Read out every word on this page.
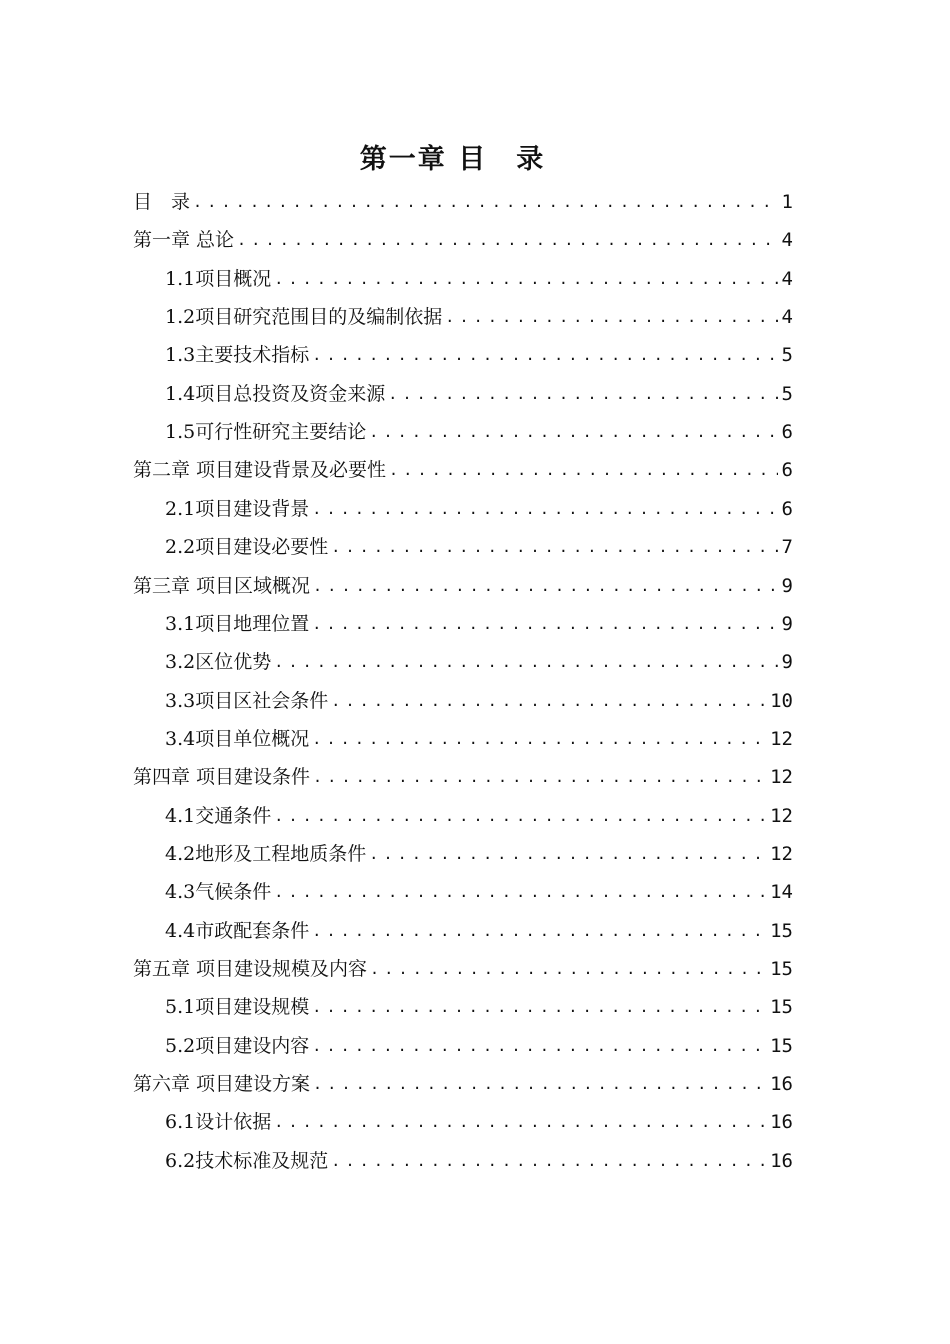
第一章 目　录
目　录 .....	1
第一章 总论 .....	4
1.1项目概况 .....	4
1.2项目研究范围目的及编制依据 .....	4
1.3主要技术指标 .....	5
1.4项目总投资及资金来源 .....	5
1.5可行性研究主要结论 .....	6
第二章 项目建设背景及必要性 .....	6
2.1项目建设背景 .....	6
2.2项目建设必要性 .....	7
第三章 项目区域概况 .....	9
3.1项目地理位置 .....	9
3.2区位优势 .....	9
3.3项目区社会条件 .....	10
3.4项目单位概况 .....	12
第四章 项目建设条件 .....	12
4.1交通条件 .....	12
4.2地形及工程地质条件 .....	12
4.3气候条件 .....	14
4.4市政配套条件 .....	15
第五章 项目建设规模及内容 .....	15
5.1项目建设规模 .....	15
5.2项目建设内容 .....	15
第六章 项目建设方案 .....	16
6.1设计依据 .....	16
6.2技术标准及规范 .....	16
